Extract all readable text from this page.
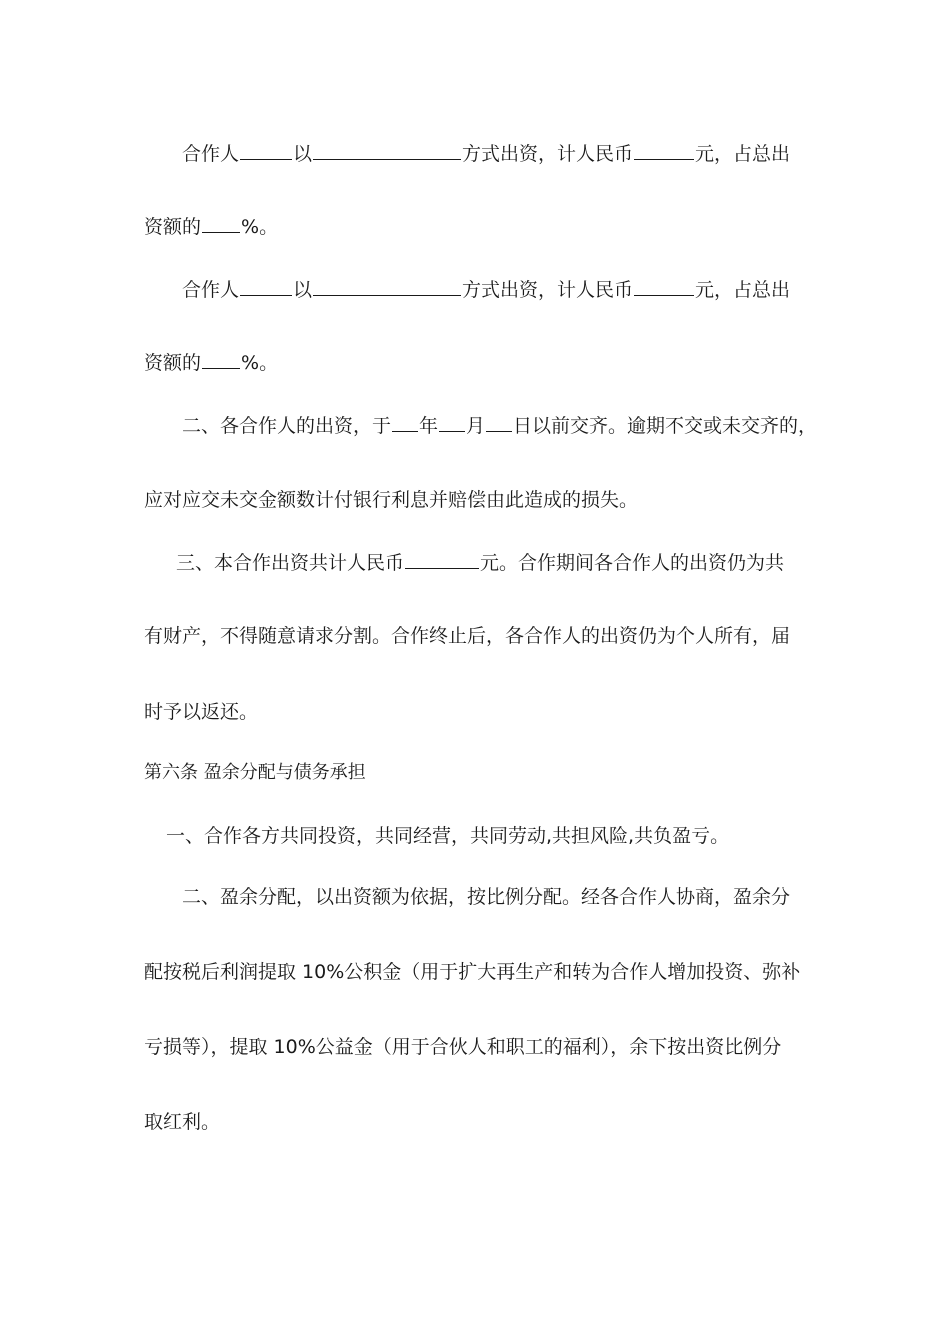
合作人	以	方式出资，计人民币	元，占总出
资额的 %。
合作人	以	方式出资，计人民币	元，占总出
资额的 %。
二、各合作人的出资，于 年 月 日以前交齐。逾期不交或未交齐的，
应对应交未交金额数计付银行利息并赔偿由此造成的损失。
三、本合作出资共计人民币	元。合作期间各合作人的出资仍为共
有财产，不得随意请求分割。合作终止后，各合作人的出资仍为个人所有，届
时予以返还。
第六条 盈余分配与债务承担
一、合作各方共同投资，共同经营，共同劳动,共担风险,共负盈亏。
二、盈余分配，以出资额为依据，按比例分配。经各合作人协商，盈余分
配按税后利润提取 10%公积金（用于扩大再生产和转为合作人增加投资、弥补
亏损等），提取 10%公益金（用于合伙人和职工的福利），余下按出资比例分
取红利。
